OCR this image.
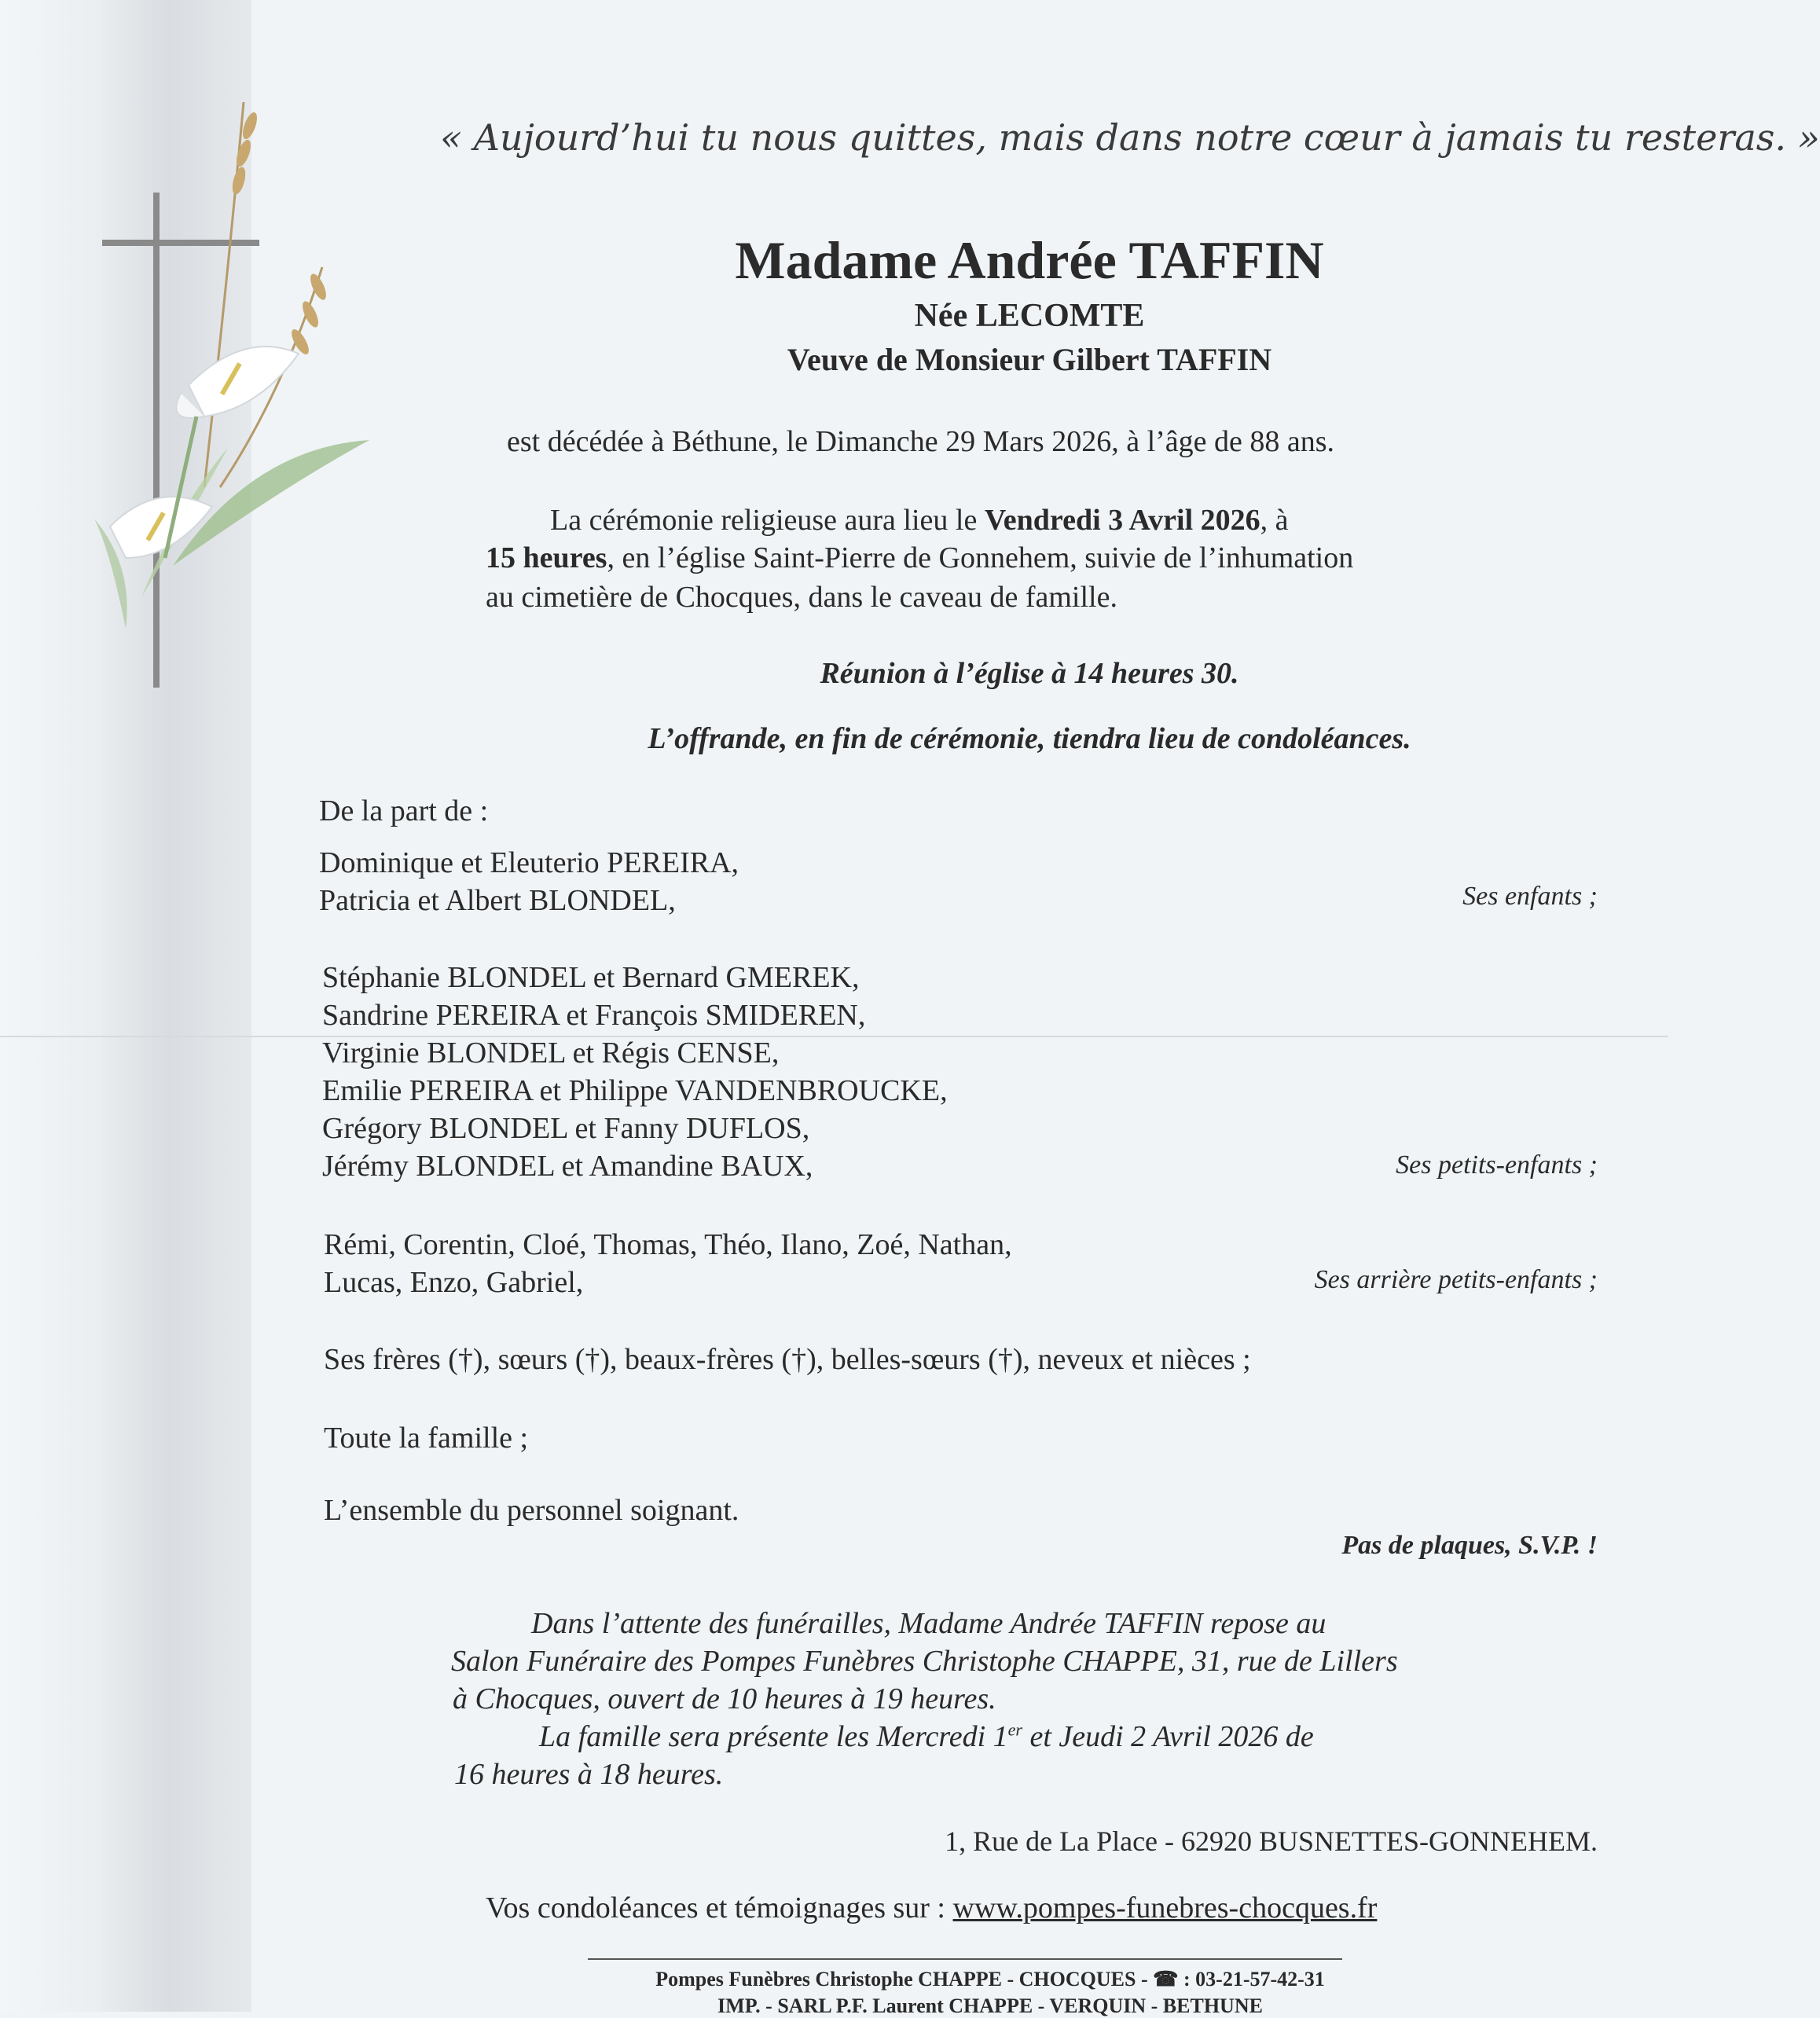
« Aujourd’hui tu nous quittes, mais dans notre cœur à jamais tu resteras. »
Madame Andrée TAFFIN
Née LECOMTE
Veuve de Monsieur Gilbert TAFFIN
est décédée à Béthune, le Dimanche 29 Mars 2026, à l’âge de 88 ans.
La cérémonie religieuse aura lieu le Vendredi 3 Avril 2026, à
15 heures, en l’église Saint-Pierre de Gonnehem, suivie de l’inhumation
au cimetière de Chocques, dans le caveau de famille.
Réunion à l’église à 14 heures 30.
L’offrande, en fin de cérémonie, tiendra lieu de condoléances.
De la part de :
Dominique et Eleuterio PEREIRA,
Patricia et Albert BLONDEL,	Ses enfants ;
Stéphanie BLONDEL et Bernard GMEREK,
Sandrine PEREIRA et François SMIDEREN,
Virginie BLONDEL et Régis CENSE,
Emilie PEREIRA et Philippe VANDENBROUCKE,
Grégory BLONDEL et Fanny DUFLOS,
Jérémy BLONDEL et Amandine BAUX,	Ses petits-enfants ;
Rémi, Corentin, Cloé, Thomas, Théo, Ilano, Zoé, Nathan,
Lucas, Enzo, Gabriel,	Ses arrière petits-enfants ;
Ses frères (†), sœurs (†), beaux-frères (†), belles-sœurs (†), neveux et nièces ;
Toute la famille ;
L’ensemble du personnel soignant.
Pas de plaques, S.V.P. !
Dans l’attente des funérailles, Madame Andrée TAFFIN repose au
Salon Funéraire des Pompes Funèbres Christophe CHAPPE, 31, rue de Lillers
à Chocques, ouvert de 10 heures à 19 heures.
La famille sera présente les Mercredi 1er et Jeudi 2 Avril 2026 de
16 heures à 18 heures.
1, Rue de La Place - 62920 BUSNETTES-GONNEHEM.
Vos condoléances et témoignages sur : www.pompes-funebres-chocques.fr
Pompes Funèbres Christophe CHAPPE - CHOCQUES - ☎ : 03-21-57-42-31
IMP. - SARL P.F. Laurent CHAPPE - VERQUIN - BETHUNE
